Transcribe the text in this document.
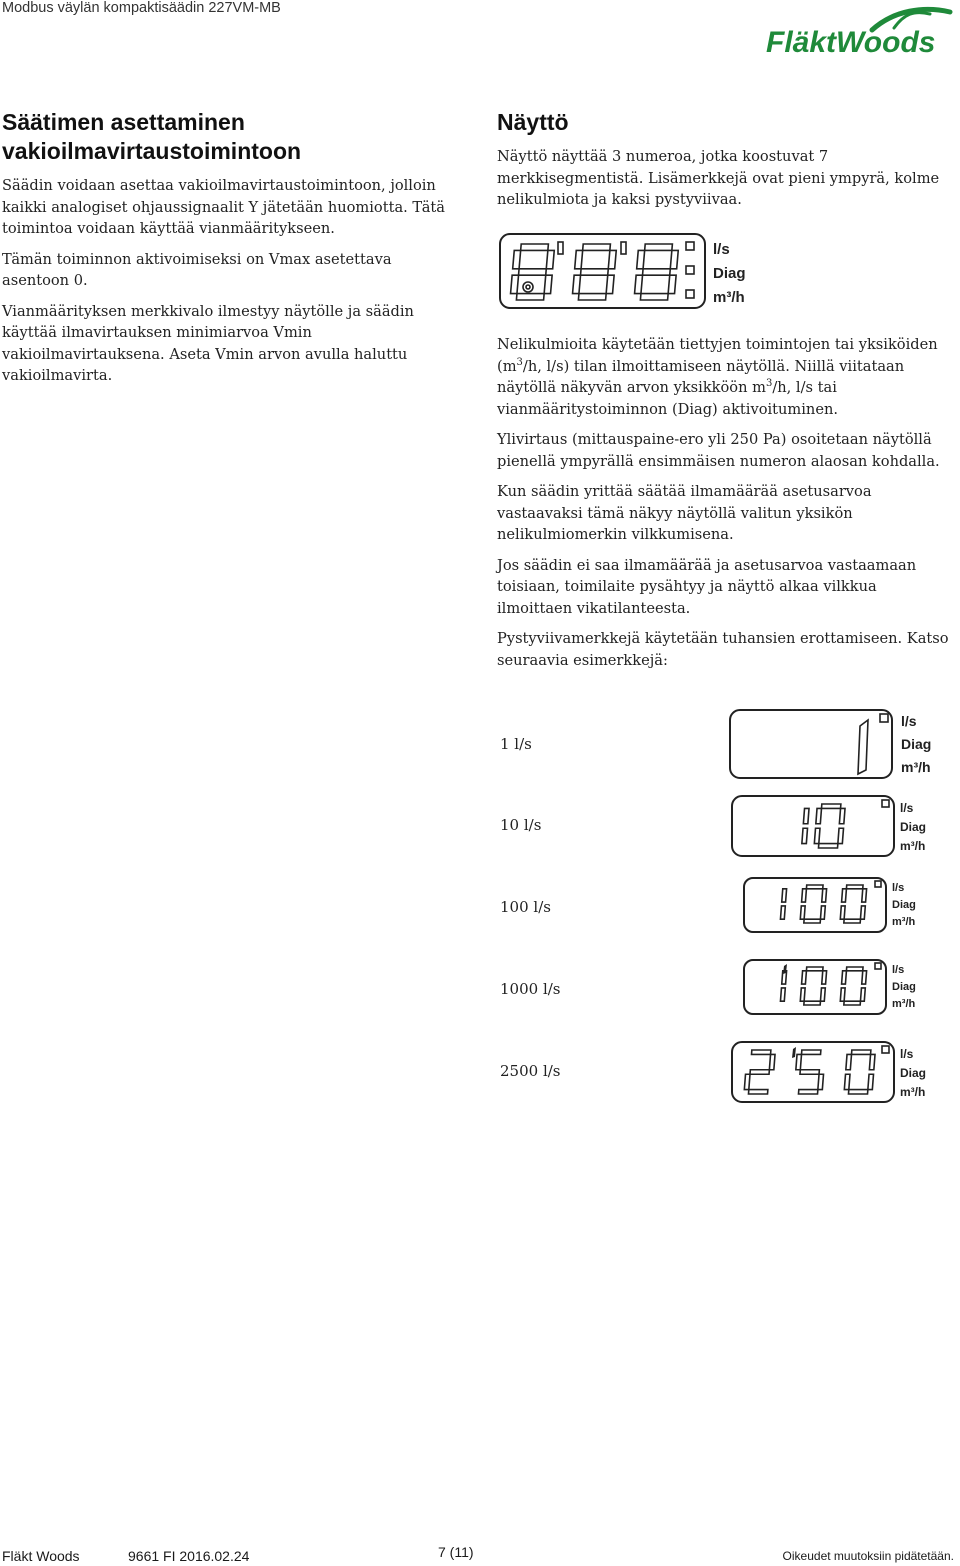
Modbus väylän kompaktisäädin 227VM-MB
FläktWoods
Säätimen asettaminen
vakioilmavirtaustoimintoon

Säädin voidaan asettaa vakioilmavirtaustoimintoon, jolloin kaikki analogiset ohjaussignaalit Y jätetään huomiotta. Tätä toimintoa voidaan käyttää vianmääritykseen.

Tämän toiminnon aktivoimiseksi on Vmax asetettava asentoon 0.

Vianmäärityksen merkkivalo ilmestyy näytölle ja säädin käyttää ilmavirtauksen minimiarvoa Vmin vakioilmavirtauksena. Aseta Vmin arvon avulla haluttu vakioilmavirta.

Näyttö

Näyttö näyttää 3 numeroa, jotka koostuvat 7 merkkisegmentistä. Lisämerkkejä ovat pieni ympyrä, kolme nelikulmiota ja kaksi pystyviivaa.

l/s
Diag
m³/h

Nelikulmioita käytetään tiettyjen toimintojen tai yksiköiden ($m^3/h$, l/s) tilan ilmoittamiseen näytöllä. Niillä viitataan näytöllä näkyvän arvon yksikköön $m^3/h$, l/s tai vianmääritystoiminnon (Diag) aktivoituminen.

Ylivirtaus (mittauspaine-ero yli 250 Pa) osoitetaan näytöllä pienellä ympyrällä ensimmäisen numeron alaosan kohdalla.

Kun säädin yrittää säätää ilmamäärää asetusarvoa vastaavaksi tämä näkyy näytöllä valitun yksikön nelikulmiomerkin vilkkumisena.

Jos säädin ei saa ilmamäärää ja asetusarvoa vastaamaan toisiaan, toimilaite pysähtyy ja näyttö alkaa vilkkua ilmoittaen vikatilanteesta.

Pystyviivamerkkejä käytetään tuhansien erottamiseen. Katso seuraavia esimerkkejä:

1 l/s
10 l/s
100 l/s
1000 l/s
2500 l/s
l/s
Diag
m³/h
l/s
Diag
m³/h
l/s
Diag
m³/h
l/s
Diag
m³/h
l/s
Diag
m³/h
Fläkt Woods	9661 FI 2016.02.24	7 (11)	Oikeudet muutoksiin pidätetään.
